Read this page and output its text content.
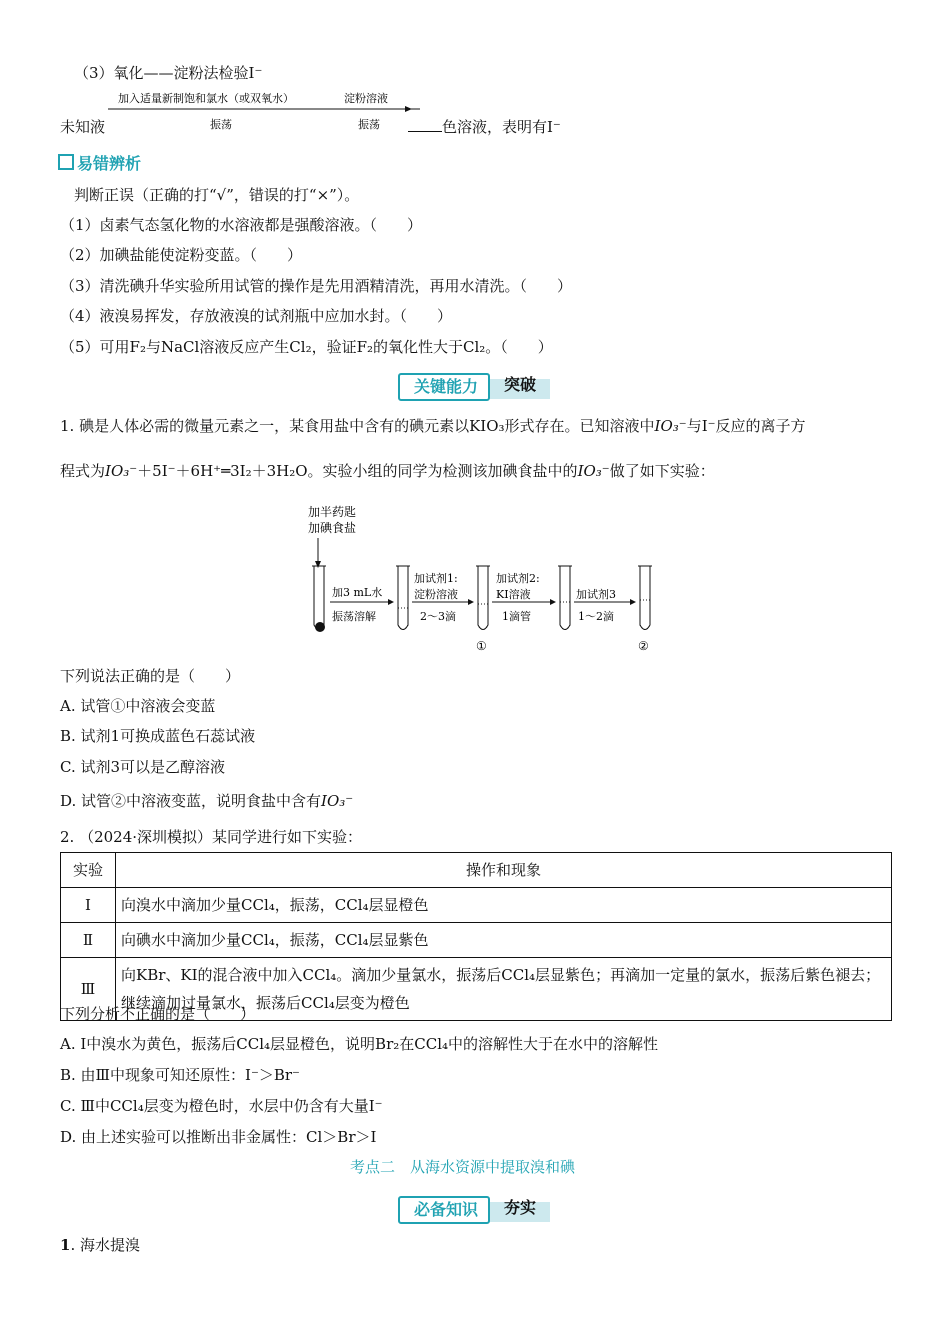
（3）氧化——淀粉法检验I⁻
加入适量新制饱和氯水（或双氧水）
振荡
淀粉溶液
振荡
未知液	色溶液，表明有I⁻
易错辨析
判断正误（正确的打“√”，错误的打“×”）。
（1）卤素气态氢化物的水溶液都是强酸溶液。（　　）
（2）加碘盐能使淀粉变蓝。（　　）
（3）清洗碘升华实验所用试管的操作是先用酒精清洗，再用水清洗。（　　）
（4）液溴易挥发，存放液溴的试剂瓶中应加水封。（　　）
（5）可用F₂与NaCl溶液反应产生Cl₂，验证F₂的氧化性大于Cl₂。（　　）
关键能力	突破
1. 碘是人体必需的微量元素之一，某食用盐中含有的碘元素以KIO₃形式存在。已知溶液中IO₃⁻与I⁻反应的离子方
程式为IO₃⁻＋5I⁻＋6H⁺═3I₂＋3H₂O。实验小组的同学为检测该加碘食盐中的IO₃⁻做了如下实验：
加半药匙
加碘食盐
加3 mL水
振荡溶解
加试剂1:
淀粉溶液
2～3滴
①
加试剂2:
KI溶液
1滴管
加试剂3
1～2滴
②
下列说法正确的是（　　）
A. 试管①中溶液会变蓝
B. 试剂1可换成蓝色石蕊试液
C. 试剂3可以是乙醇溶液
D. 试管②中溶液变蓝，说明食盐中含有IO₃⁻
2. （2024·深圳模拟）某同学进行如下实验：
实验	操作和现象
Ⅰ	向溴水中滴加少量CCl₄，振荡，CCl₄层显橙色
Ⅱ	向碘水中滴加少量CCl₄，振荡，CCl₄层显紫色
Ⅲ	向KBr、KI的混合液中加入CCl₄。滴加少量氯水，振荡后CCl₄层显紫色；再滴加一定量的氯水，振荡后紫色褪去；继续滴加过量氯水，振荡后CCl₄层变为橙色
下列分析不正确的是（　　）
A. Ⅰ中溴水为黄色，振荡后CCl₄层显橙色，说明Br₂在CCl₄中的溶解性大于在水中的溶解性
B. 由Ⅲ中现象可知还原性：I⁻＞Br⁻
C. Ⅲ中CCl₄层变为橙色时，水层中仍含有大量I⁻
D. 由上述实验可以推断出非金属性：Cl＞Br＞I
考点二　从海水资源中提取溴和碘
必备知识	夯实
1. 海水提溴
